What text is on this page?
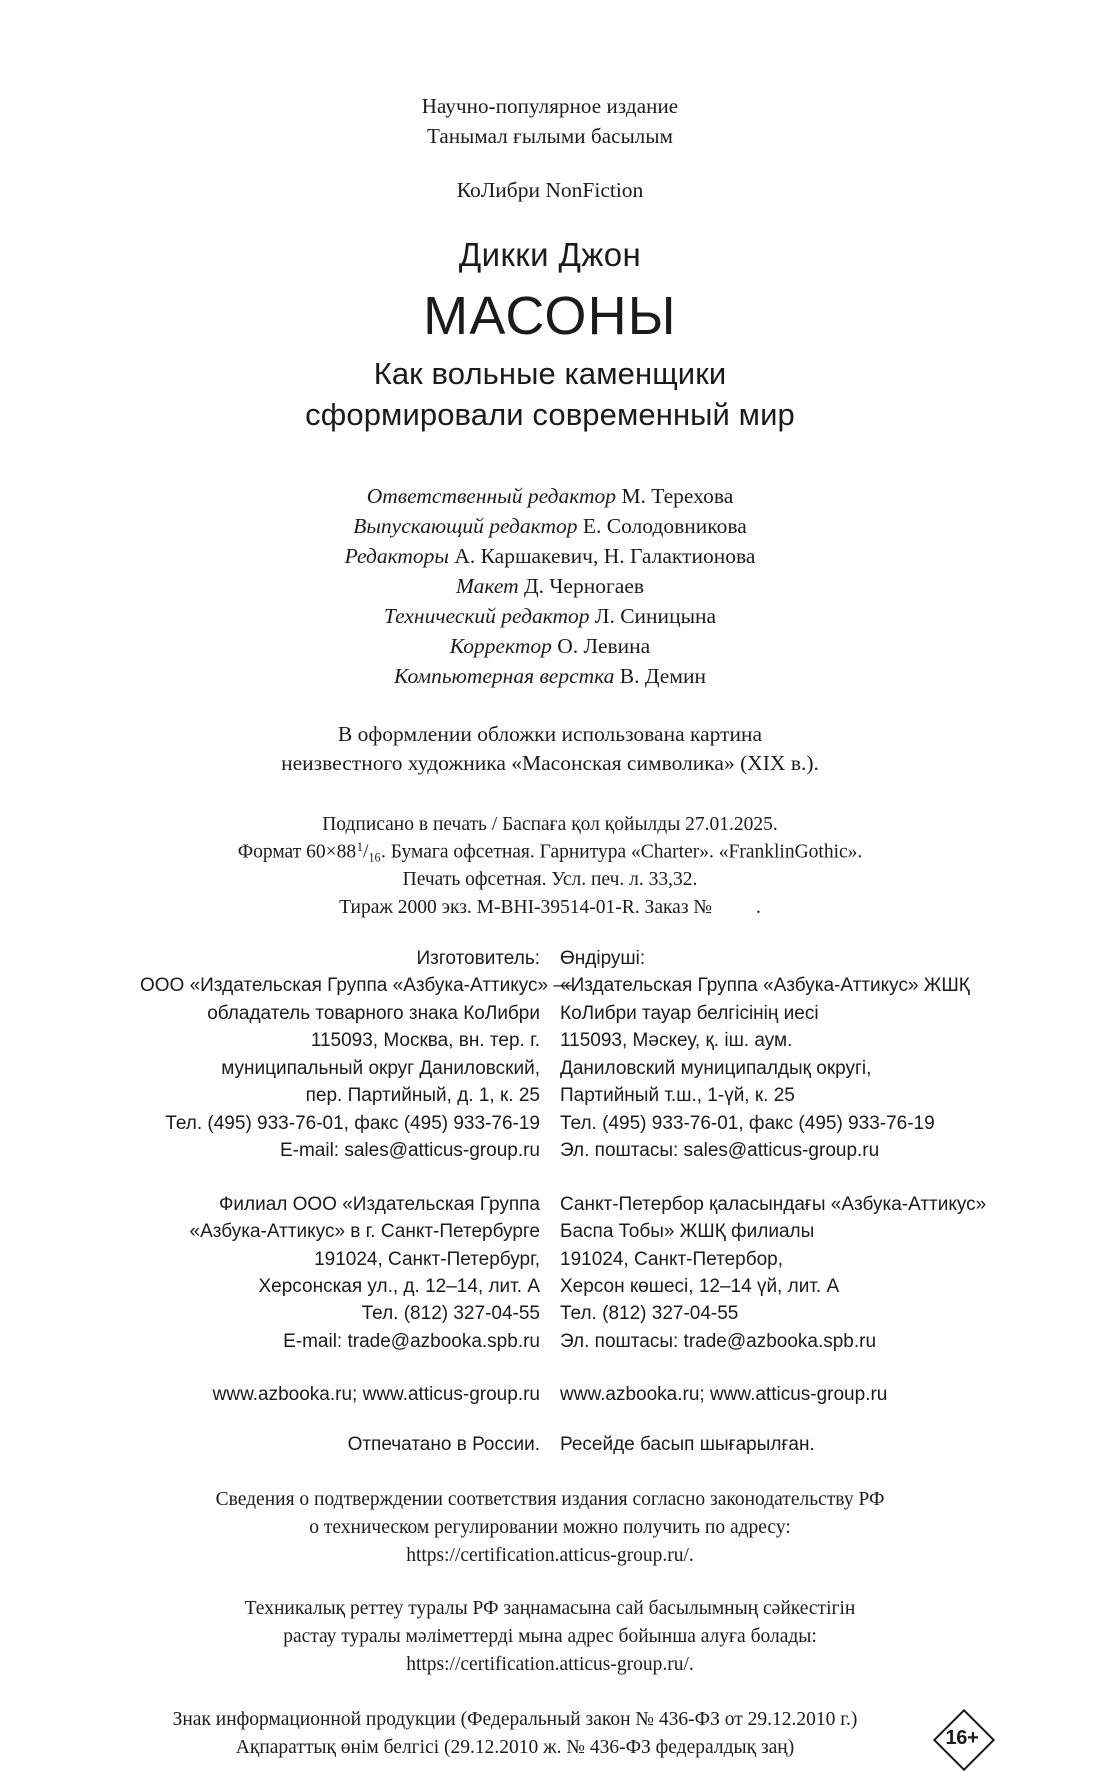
Научно-популярное издание
Танымал ғылыми басылым
КоЛибри NonFiction
Дикки Джон
МАСОНЫ
Как вольные каменщики
сформировали современный мир
Ответственный редактор М. Терехова
Выпускающий редактор Е. Солодовникова
Редакторы А. Каршакевич, Н. Галактионова
Макет Д. Черногаев
Технический редактор Л. Синицына
Корректор О. Левина
Компьютерная верстка В. Демин
В оформлении обложки использована картина
неизвестного художника «Масонская символика» (XIX в.).
Подписано в печать / Баспаға қол қойылды 27.01.2025.
Формат $60\times 88^1/16$. Бумага офсетная. Гарнитура «Charter». «FranklinGothic».
Печать офсетная. Усл. печ. л. 33,32.
Тираж 2000 экз. M-BHI-39514-01-R. Заказ № .
Изготовитель:
ООО «Издательская Группа «Азбука-Аттикус» —
обладатель товарного знака КоЛибри
115093, Москва, вн. тер. г.
муниципальный округ Даниловский,
пер. Партийный, д. 1, к. 25
Тел. (495) 933-76-01, факс (495) 933-76-19
E-mail: sales@atticus-group.ru
Өндіруші:
«Издательская Группа «Азбука-Аттикус» ЖШҚ
КоЛибри тауар белгісінің иесі
115093, Мәскеу, қ. іш. аум.
Даниловский муниципалдық округі,
Партийный т.ш., 1-үй, к. 25
Тел. (495) 933-76-01, факс (495) 933-76-19
Эл. поштасы: sales@atticus-group.ru
Филиал ООО «Издательская Группа
«Азбука-Аттикус» в г. Санкт-Петербурге
191024, Санкт-Петербург,
Херсонская ул., д. 12–14, лит. А
Тел. (812) 327-04-55
E-mail: trade@azbooka.spb.ru
Санкт-Петербор қаласындағы «Азбука-Аттикус»
Баспа Тобы» ЖШҚ филиалы
191024, Санкт-Петербор,
Херсон көшесі, 12–14 үй, лит. А
Тел. (812) 327-04-55
Эл. поштасы: trade@azbooka.spb.ru
www.azbooka.ru; www.atticus-group.ru www.azbooka.ru; www.atticus-group.ru
Отпечатано в России. Ресейде басып шығарылған.
Сведения о подтверждении соответствия издания согласно законодательству РФ
о техническом регулировании можно получить по адресу:
https://certification.atticus-group.ru/.
Техникалық реттеу туралы РФ заңнамасына сай басылымның сәйкестігін
растау туралы мәліметтерді мына адрес бойынша алуға болады:
https://certification.atticus-group.ru/.
Знак информационной продукции (Федеральный закон № 436-ФЗ от 29.12.2010 г.)
Ақпараттық өнім белгісі (29.12.2010 ж. № 436-ФЗ федералдық заң)	16+
